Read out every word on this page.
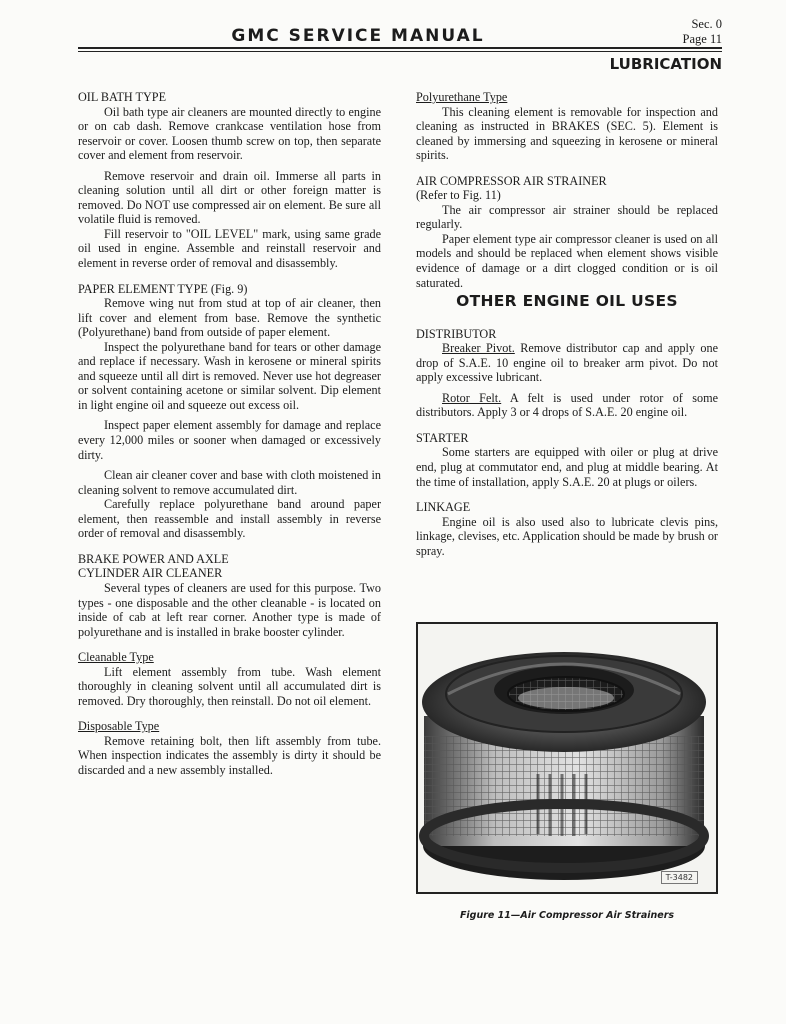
GMC SERVICE MANUAL
Sec. 0
Page 11
LUBRICATION

OIL BATH TYPE

Oil bath type air cleaners are mounted directly to engine or on cab dash. Remove crankcase ventilation hose from reservoir or cover. Loosen thumb screw on top, then separate cover and element from reservoir.

Remove reservoir and drain oil. Immerse all parts in cleaning solution until all dirt or other foreign matter is removed. Do NOT use compressed air on element. Be sure all volatile fluid is removed.

Fill reservoir to "OIL LEVEL" mark, using same grade oil used in engine. Assemble and reinstall reservoir and element in reverse order of removal and disassembly.

PAPER ELEMENT TYPE (Fig. 9)

Remove wing nut from stud at top of air cleaner, then lift cover and element from base. Remove the synthetic (Polyurethane) band from outside of paper element.

Inspect the polyurethane band for tears or other damage and replace if necessary. Wash in kerosene or mineral spirits and squeeze until all dirt is removed. Never use hot degreaser or solvent containing acetone or similar solvent. Dip element in light engine oil and squeeze out excess oil.

Inspect paper element assembly for damage and replace every 12,000 miles or sooner when damaged or excessively dirty.

Clean air cleaner cover and base with cloth moistened in cleaning solvent to remove accumulated dirt.

Carefully replace polyurethane band around paper element, then reassemble and install assembly in reverse order of removal and disassembly.

BRAKE POWER AND AXLE

CYLINDER AIR CLEANER

Several types of cleaners are used for this purpose. Two types - one disposable and the other cleanable - is located on inside of cab at left rear corner. Another type is made of polyurethane and is installed in brake booster cylinder.

Cleanable Type

Lift element assembly from tube. Wash element thoroughly in cleaning solvent until all accumulated dirt is removed. Dry thoroughly, then reinstall. Do not oil element.

Disposable Type

Remove retaining bolt, then lift assembly from tube. When inspection indicates the assembly is dirty it should be discarded and a new assembly installed.

Polyurethane Type

This cleaning element is removable for inspection and cleaning as instructed in BRAKES (SEC. 5). Element is cleaned by immersing and squeezing in kerosene or mineral spirits.

AIR COMPRESSOR AIR STRAINER

(Refer to Fig. 11)

The air compressor air strainer should be replaced regularly.

Paper element type air compressor cleaner is used on all models and should be replaced when element shows visible evidence of damage or a dirt clogged condition or is oil saturated.

OTHER ENGINE OIL USES

DISTRIBUTOR

Breaker Pivot. Remove distributor cap and apply one drop of S.A.E. 10 engine oil to breaker arm pivot. Do not apply excessive lubricant.

Rotor Felt. A felt is used under rotor of some distributors. Apply 3 or 4 drops of S.A.E. 20 engine oil.

STARTER

Some starters are equipped with oiler or plug at drive end, plug at commutator end, and plug at middle bearing. At the time of installation, apply S.A.E. 20 at plugs or oilers.

LINKAGE

Engine oil is also used also to lubricate clevis pins, linkage, clevises, etc. Application should be made by brush or spray.

T-3482
Figure 11—Air Compressor Air Strainers
